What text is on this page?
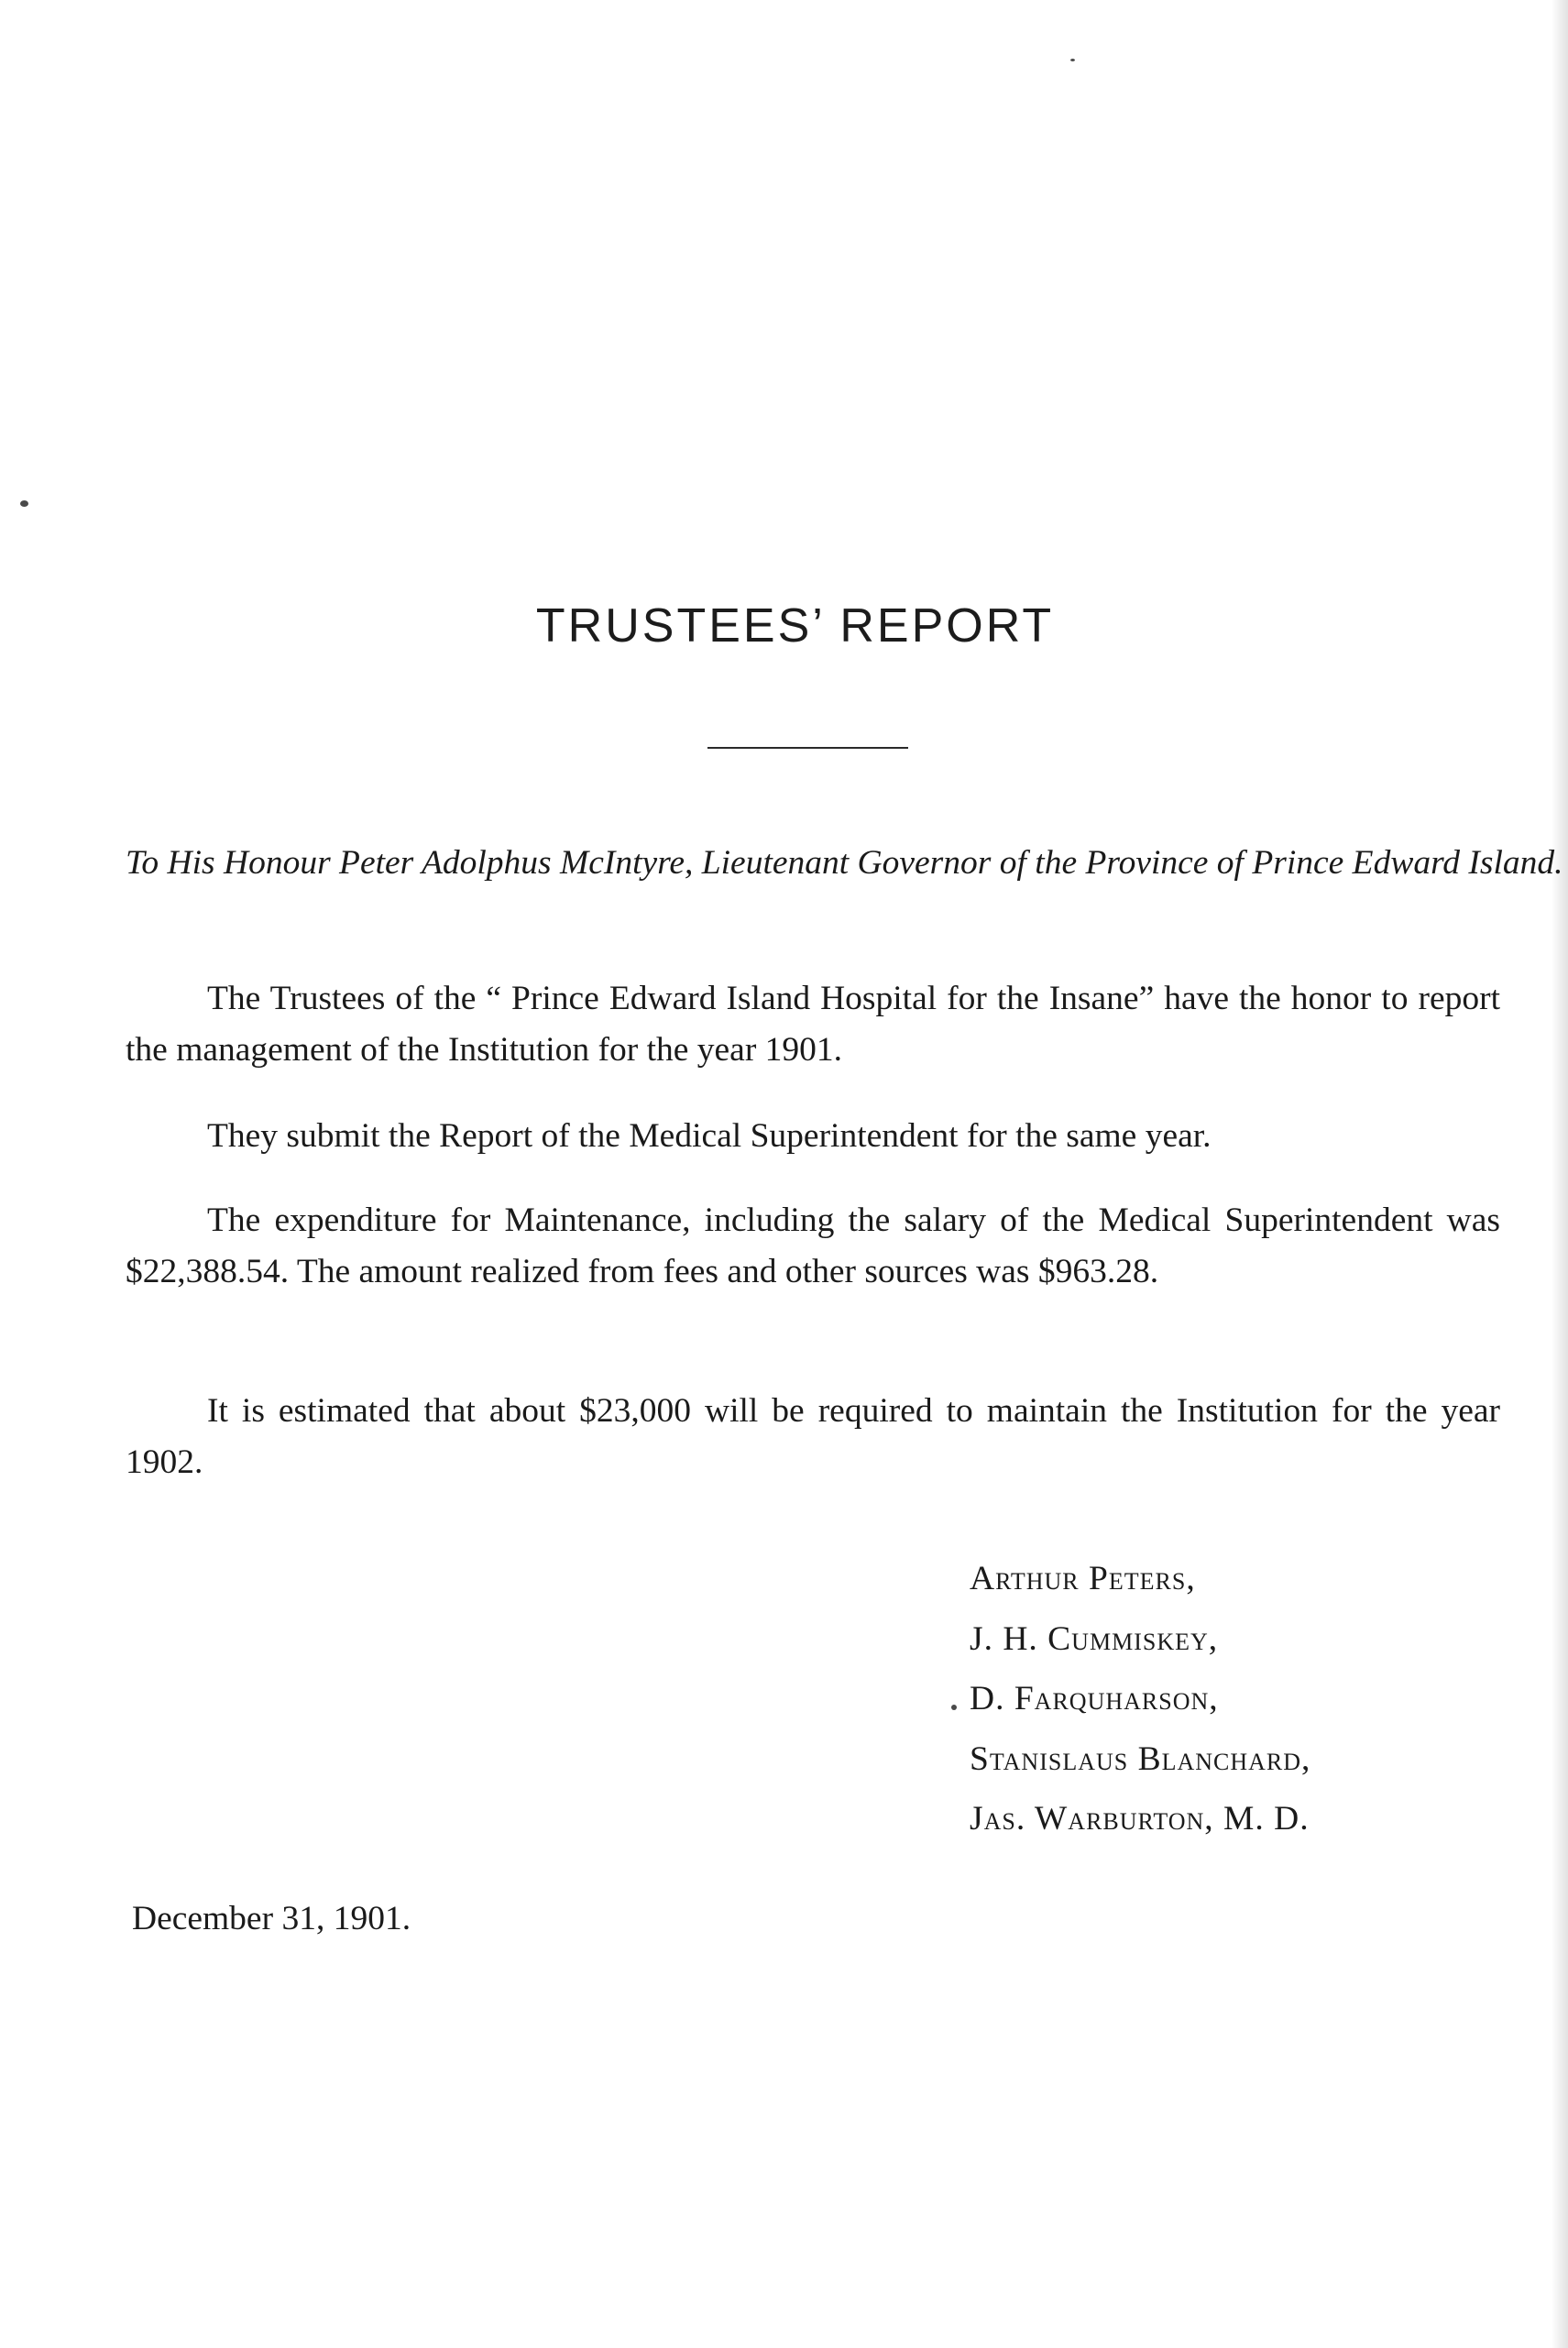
TRUSTEES’ REPORT

To His Honour Peter Adolphus McIntyre, Lieutenant Governor of the Province of Prince Edward Island.

The Trustees of the “ Prince Edward Island Hospital for the Insane” have the honor to report the management of the Institution for the year 1901.

They submit the Report of the Medical Superintendent for the same year.

The expenditure for Maintenance, including the salary of the Medical Superintendent was $22,388.54. The amount realized from fees and other sources was $963.28.

It is estimated that about $23,000 will be required to maintain the Institution for the year 1902.

Arthur Peters,
J. H. Cummiskey,
D. Farquharson,
Stanislaus Blanchard,
Jas. Warburton, M. D.

December 31, 1901.
